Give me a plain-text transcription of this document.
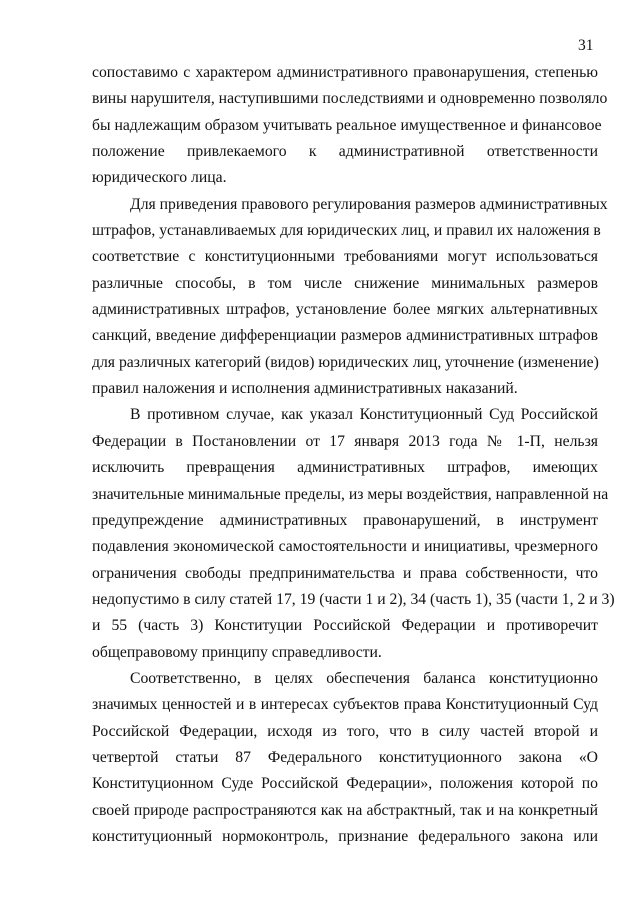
31
сопоставимо с характером административного правонарушения, степенью
вины нарушителя, наступившими последствиями и одновременно позволяло
бы надлежащим образом учитывать реальное имущественное и финансовое
положение привлекаемого к административной ответственности
юридического лица.
Для приведения правового регулирования размеров административных
штрафов, устанавливаемых для юридических лиц, и правил их наложения в
соответствие с конституционными требованиями могут использоваться
различные способы, в том числе снижение минимальных размеров
административных штрафов, установление более мягких альтернативных
санкций, введение дифференциации размеров административных штрафов
для различных категорий (видов) юридических лиц, уточнение (изменение)
правил наложения и исполнения административных наказаний.
В противном случае, как указал Конституционный Суд Российской
Федерации в Постановлении от 17 января 2013 года № 1-П, нельзя
исключить превращения административных штрафов, имеющих
значительные минимальные пределы, из меры воздействия, направленной на
предупреждение административных правонарушений, в инструмент
подавления экономической самостоятельности и инициативы, чрезмерного
ограничения свободы предпринимательства и права собственности, что
недопустимо в силу статей 17, 19 (части 1 и 2), 34 (часть 1), 35 (части 1, 2 и 3)
и 55 (часть 3) Конституции Российской Федерации и противоречит
общеправовому принципу справедливости.
Соответственно, в целях обеспечения баланса конституционно
значимых ценностей и в интересах субъектов права Конституционный Суд
Российской Федерации, исходя из того, что в силу частей второй и
четвертой статьи 87 Федерального конституционного закона «О
Конституционном Суде Российской Федерации», положения которой по
своей природе распространяются как на абстрактный, так и на конкретный
конституционный нормоконтроль, признание федерального закона или
